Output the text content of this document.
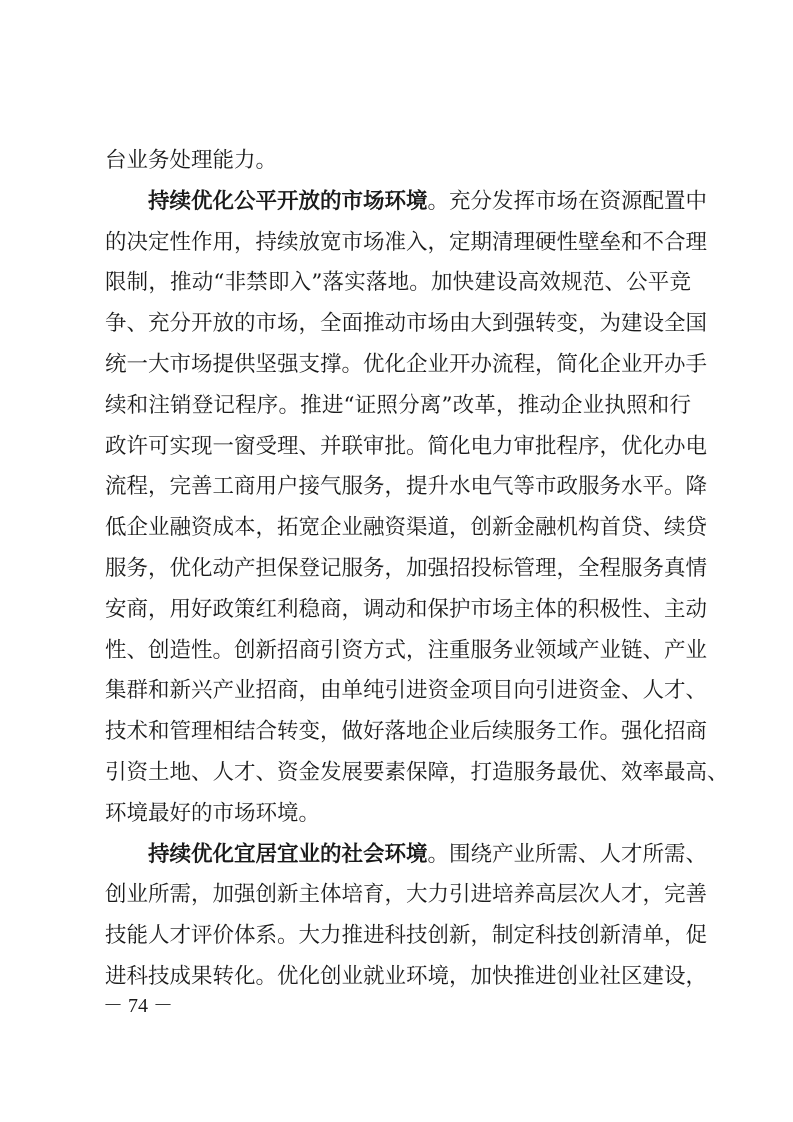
台业务处理能力。
持续优化公平开放的市场环境。充分发挥市场在资源配置中
的决定性作用，持续放宽市场准入，定期清理硬性壁垒和不合理
限制，推动“非禁即入”落实落地。加快建设高效规范、公平竞
争、充分开放的市场，全面推动市场由大到强转变，为建设全国
统一大市场提供坚强支撑。优化企业开办流程，简化企业开办手
续和注销登记程序。推进“证照分离”改革，推动企业执照和行
政许可实现一窗受理、并联审批。简化电力审批程序，优化办电
流程，完善工商用户接气服务，提升水电气等市政服务水平。降
低企业融资成本，拓宽企业融资渠道，创新金融机构首贷、续贷
服务，优化动产担保登记服务，加强招投标管理，全程服务真情
安商，用好政策红利稳商，调动和保护市场主体的积极性、主动
性、创造性。创新招商引资方式，注重服务业领域产业链、产业
集群和新兴产业招商，由单纯引进资金项目向引进资金、人才、
技术和管理相结合转变，做好落地企业后续服务工作。强化招商
引资土地、人才、资金发展要素保障，打造服务最优、效率最高、
环境最好的市场环境。
持续优化宜居宜业的社会环境。围绕产业所需、人才所需、
创业所需，加强创新主体培育，大力引进培养高层次人才，完善
技能人才评价体系。大力推进科技创新，制定科技创新清单，促
进科技成果转化。优化创业就业环境，加快推进创业社区建设，
－ 74 －
